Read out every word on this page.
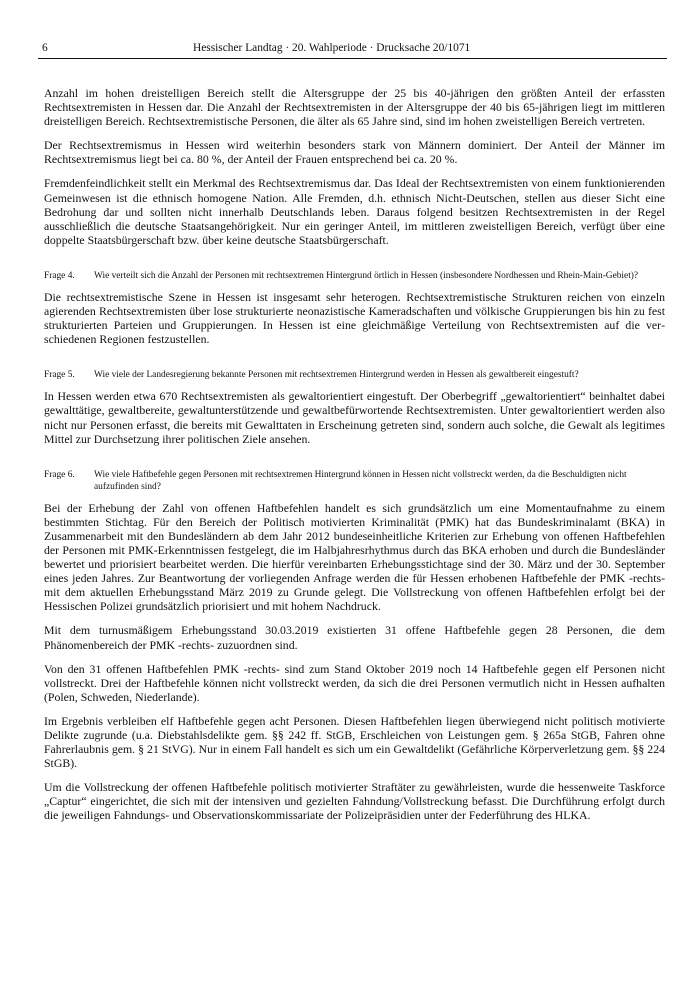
6	Hessischer Landtag · 20. Wahlperiode · Drucksache 20/1071

Anzahl im hohen dreistelligen Bereich stellt die Altersgruppe der 25 bis 40-jährigen den größten Anteil der erfassten Rechtsextremisten in Hessen dar. Die Anzahl der Rechtsextremisten in der Altersgruppe der 40 bis 65-jährigen liegt im mittleren dreistelligen Bereich. Rechtsextremistische Personen, die älter als 65 Jahre sind, sind im hohen zweistelligen Bereich vertreten.

Der Rechtsextremismus in Hessen wird weiterhin besonders stark von Männern dominiert. Der Anteil der Männer im Rechtsextremismus liegt bei ca. 80 %, der Anteil der Frauen entsprechend bei ca. 20 %.

Fremdenfeindlichkeit stellt ein Merkmal des Rechtsextremismus dar. Das Ideal der Rechtsextremisten von einem funktionierenden Gemeinwesen ist die ethnisch homogene Nation. Alle Fremden, d.h. ethnisch Nicht-Deutschen, stellen aus dieser Sicht eine Bedrohung dar und sollten nicht innerhalb Deutschlands leben. Daraus folgend besitzen Rechtsextremisten in der Regel ausschließlich die deutsche Staatsangehörigkeit. Nur ein geringer Anteil, im mittleren zweistelligen Bereich, verfügt über eine doppelte Staatsbürgerschaft bzw. über keine deutsche Staatsbürgerschaft.

Frage 4. Wie verteilt sich die Anzahl der Personen mit rechtsextremen Hintergrund örtlich in Hessen (insbesondere Nordhessen und Rhein-Main-Gebiet)?

Die rechtsextremistische Szene in Hessen ist insgesamt sehr heterogen. Rechtsextremistische Strukturen reichen von einzeln agierenden Rechtsextremisten über lose strukturierte neonazistische Kameradschaften und völkische Gruppierungen bis hin zu fest strukturierten Parteien und Gruppierungen. In Hessen ist eine gleichmäßige Verteilung von Rechtsextremisten auf die verschiedenen Regionen festzustellen.

Frage 5. Wie viele der Landesregierung bekannte Personen mit rechtsextremen Hintergrund werden in Hessen als gewaltbereit eingestuft?

In Hessen werden etwa 670 Rechtsextremisten als gewaltorientiert eingestuft. Der Oberbegriff „gewaltorientiert“ beinhaltet dabei gewalttätige, gewaltbereite, gewaltunterstützende und gewaltbefürwortende Rechtsextremisten. Unter gewaltorientiert werden also nicht nur Personen erfasst, die bereits mit Gewalttaten in Erscheinung getreten sind, sondern auch solche, die Gewalt als legitimes Mittel zur Durchsetzung ihrer politischen Ziele ansehen.

Frage 6. Wie viele Haftbefehle gegen Personen mit rechtsextremen Hintergrund können in Hessen nicht vollstreckt werden, da die Beschuldigten nicht aufzufinden sind?

Bei der Erhebung der Zahl von offenen Haftbefehlen handelt es sich grundsätzlich um eine Momentaufnahme zu einem bestimmten Stichtag. Für den Bereich der Politisch motivierten Kriminalität (PMK) hat das Bundeskriminalamt (BKA) in Zusammenarbeit mit den Bundesländern ab dem Jahr 2012 bundeseinheitliche Kriterien zur Erhebung von offenen Haftbefehlen der Personen mit PMK-Erkenntnissen festgelegt, die im Halbjahresrhythmus durch das BKA erhoben und durch die Bundesländer bewertet und priorisiert bearbeitet werden. Die hierfür vereinbarten Erhebungsstichtage sind der 30. März und der 30. September eines jeden Jahres. Zur Beantwortung der vorliegenden Anfrage werden die für Hessen erhobenen Haftbefehle der PMK -rechts- mit dem aktuellen Erhebungsstand März 2019 zu Grunde gelegt. Die Vollstreckung von offenen Haftbefehlen erfolgt bei der Hessischen Polizei grundsätzlich priorisiert und mit hohem Nachdruck.

Mit dem turnusmäßigem Erhebungsstand 30.03.2019 existierten 31 offene Haftbefehle gegen 28 Personen, die dem Phänomenbereich der PMK -rechts- zuzuordnen sind.

Von den 31 offenen Haftbefehlen PMK -rechts- sind zum Stand Oktober 2019 noch 14 Haftbefehle gegen elf Personen nicht vollstreckt. Drei der Haftbefehle können nicht vollstreckt werden, da sich die drei Personen vermutlich nicht in Hessen aufhalten (Polen, Schweden, Niederlande).

Im Ergebnis verbleiben elf Haftbefehle gegen acht Personen. Diesen Haftbefehlen liegen überwiegend nicht politisch motivierte Delikte zugrunde (u.a. Diebstahlsdelikte gem. §§ 242 ff. StGB, Erschleichen von Leistungen gem. § 265a StGB, Fahren ohne Fahrerlaubnis gem. § 21 StVG). Nur in einem Fall handelt es sich um ein Gewaltdelikt (Gefährliche Körperverletzung gem. §§ 224 StGB).

Um die Vollstreckung der offenen Haftbefehle politisch motivierter Straftäter zu gewährleisten, wurde die hessenweite Taskforce „Captur“ eingerichtet, die sich mit der intensiven und gezielten Fahndung/Vollstreckung befasst. Die Durchführung erfolgt durch die jeweiligen Fahndungs- und Observationskommissariate der Polizeipräsidien unter der Federführung des HLKA.
